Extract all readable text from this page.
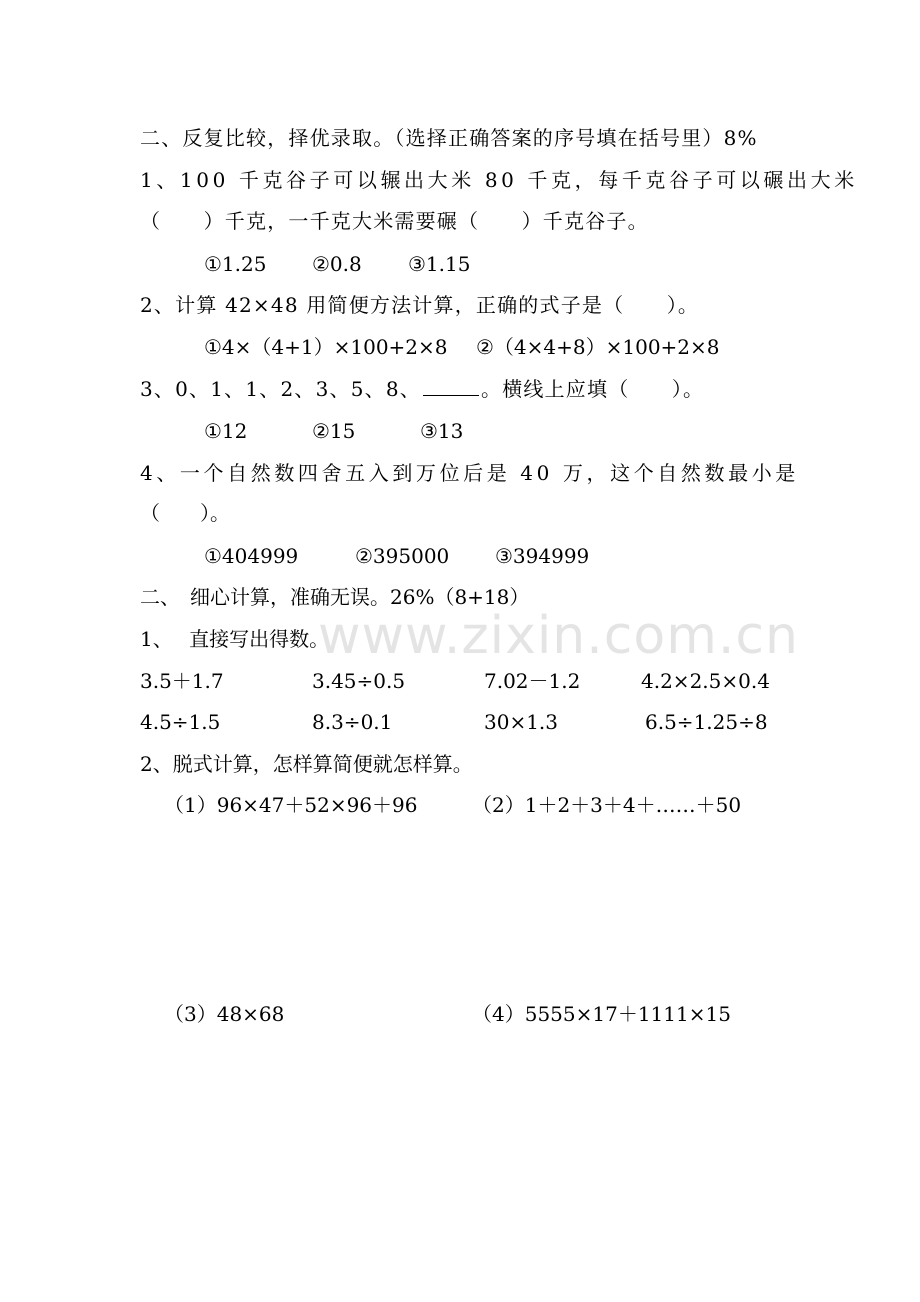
www.zixin.com.cn
二、反复比较，择优录取。（选择正确答案的序号填在括号里）8%
1、100 千克谷子可以辗出大米 80 千克，每千克谷子可以碾出大米
（　　）千克，一千克大米需要碾（　　）千克谷子。
①1.25 ②0.8 ③1.15
2、计算 42×48 用简便方法计算，正确的式子是（　　）。
①4×（4+1）×100+2×8 ②（4×4+8）×100+2×8
3、0、1、1、2、3、5、8、	。横线上应填（　　）。
①12	②15	③13
4、一个自然数四舍五入到万位后是 40 万，这个自然数最小是
（　　）。
①404999	②395000 ③394999
二、　细心计算，准确无误。26%（8+18）
1、　 直接写出得数。
3.5＋1.7	3.45÷0.5	7.02－1.2	4.2×2.5×0.4
4.5÷1.5	8.3÷0.1	30×1.3	6.5÷1.25÷8
2、脱式计算，怎样算简便就怎样算。
（1）96×47＋52×96＋96	（2）1＋2＋3＋4＋……＋50
（3）48×68	（4）5555×17＋1111×15
